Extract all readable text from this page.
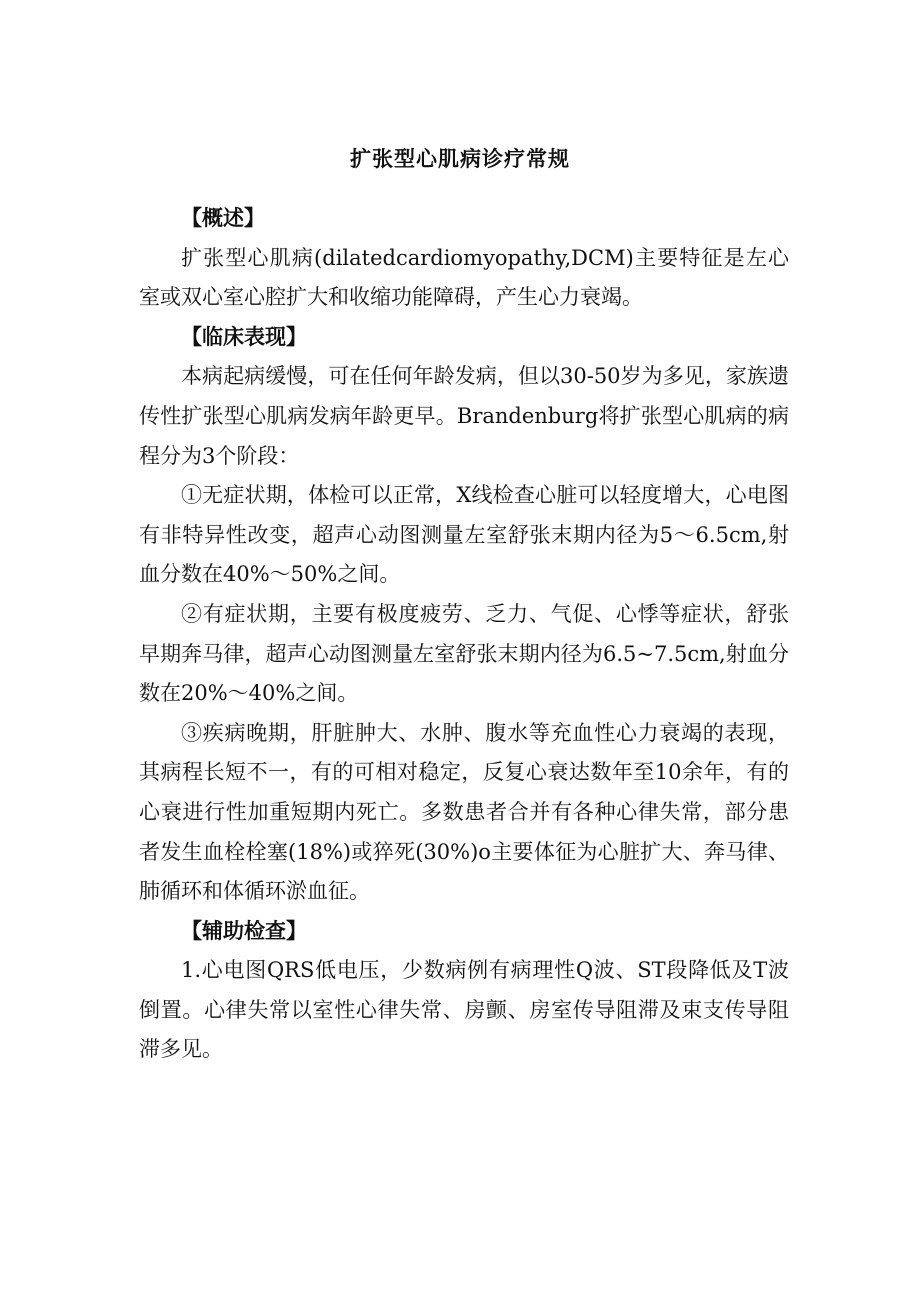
扩张型心肌病诊疗常规

【概述】

扩张型心肌病(dilatedcardiomyopathy,DCM)主要特征是左心室或双心室心腔扩大和收缩功能障碍，产生心力衰竭。

【临床表现】

本病起病缓慢，可在任何年龄发病，但以30-50岁为多见，家族遗传性扩张型心肌病发病年龄更早。Brandenburg将扩张型心肌病的病程分为3个阶段：

①无症状期，体检可以正常，X线检查心脏可以轻度增大，心电图有非特异性改变，超声心动图测量左室舒张末期内径为5～6.5cm,射血分数在40%～50%之间。

②有症状期，主要有极度疲劳、乏力、气促、心悸等症状，舒张早期奔马律，超声心动图测量左室舒张末期内径为6.5~7.5cm,射血分数在20%～40%之间。

③疾病晚期，肝脏肿大、水肿、腹水等充血性心力衰竭的表现，其病程长短不一，有的可相对稳定，反复心衰达数年至10余年，有的心衰进行性加重短期内死亡。多数患者合并有各种心律失常，部分患者发生血栓栓塞(18%)或猝死(30%)o主要体征为心脏扩大、奔马律、肺循环和体循环淤血征。

【辅助检查】

1.心电图QRS低电压，少数病例有病理性Q波、ST段降低及T波倒置。心律失常以室性心律失常、房颤、房室传导阻滞及束支传导阻滞多见。
